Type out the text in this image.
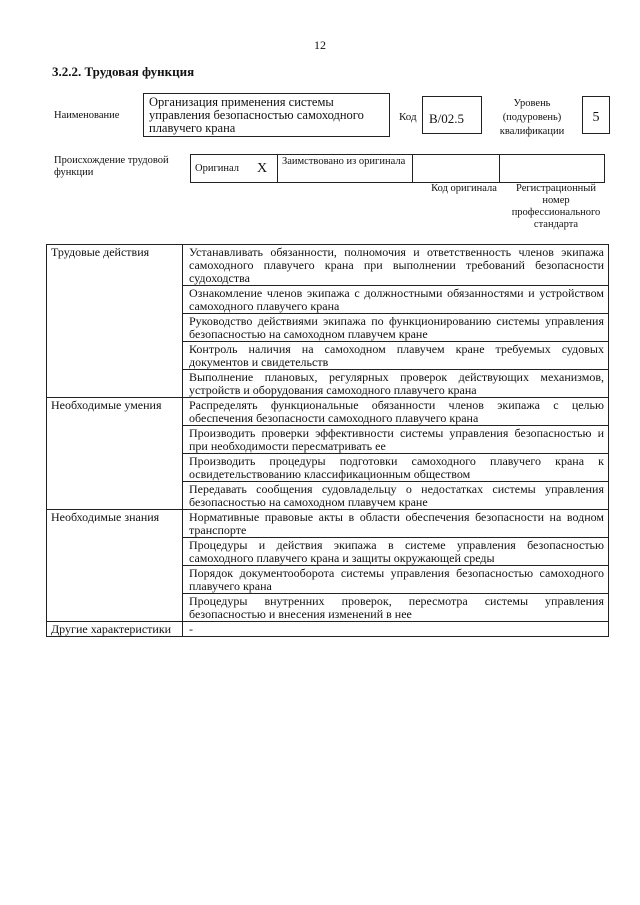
12
3.2.2. Трудовая функция
Наименование
Организация применения системы управления безопасностью самоходного плавучего крана
Код B/02.5
Уровень (подуровень) квалификации
5
Происхождение трудовой функции	Оригинал	X	Заимствовано из оригинала		
Код оригинала	Регистрационный номер профессионального стандарта
Трудовые действия	Устанавливать обязанности, полномочия и ответственность членов экипажа самоходного плавучего крана при выполнении требований безопасности судоходства
	Ознакомление членов экипажа с должностными обязанностями и устройством самоходного плавучего крана
	Руководство действиями экипажа по функционированию системы управления безопасностью на самоходном плавучем кране
	Контроль наличия на самоходном плавучем кране требуемых судовых документов и свидетельств
	Выполнение плановых, регулярных проверок действующих механизмов, устройств и оборудования самоходного плавучего крана
Необходимые умения	Распределять функциональные обязанности членов экипажа с целью обеспечения безопасности самоходного плавучего крана
	Производить проверки эффективности системы управления безопасностью и при необходимости пересматривать ее
	Производить процедуры подготовки самоходного плавучего крана к освидетельствованию классификационным обществом
	Передавать сообщения судовладельцу о недостатках системы управления безопасностью на самоходном плавучем кране
Необходимые знания	Нормативные правовые акты в области обеспечения безопасности на водном транспорте
	Процедуры и действия экипажа в системе управления безопасностью самоходного плавучего крана и защиты окружающей среды
	Порядок документооборота системы управления безопасностью самоходного плавучего крана
	Процедуры внутренних проверок, пересмотра системы управления безопасностью и внесения изменений в нее
Другие характеристики	-
